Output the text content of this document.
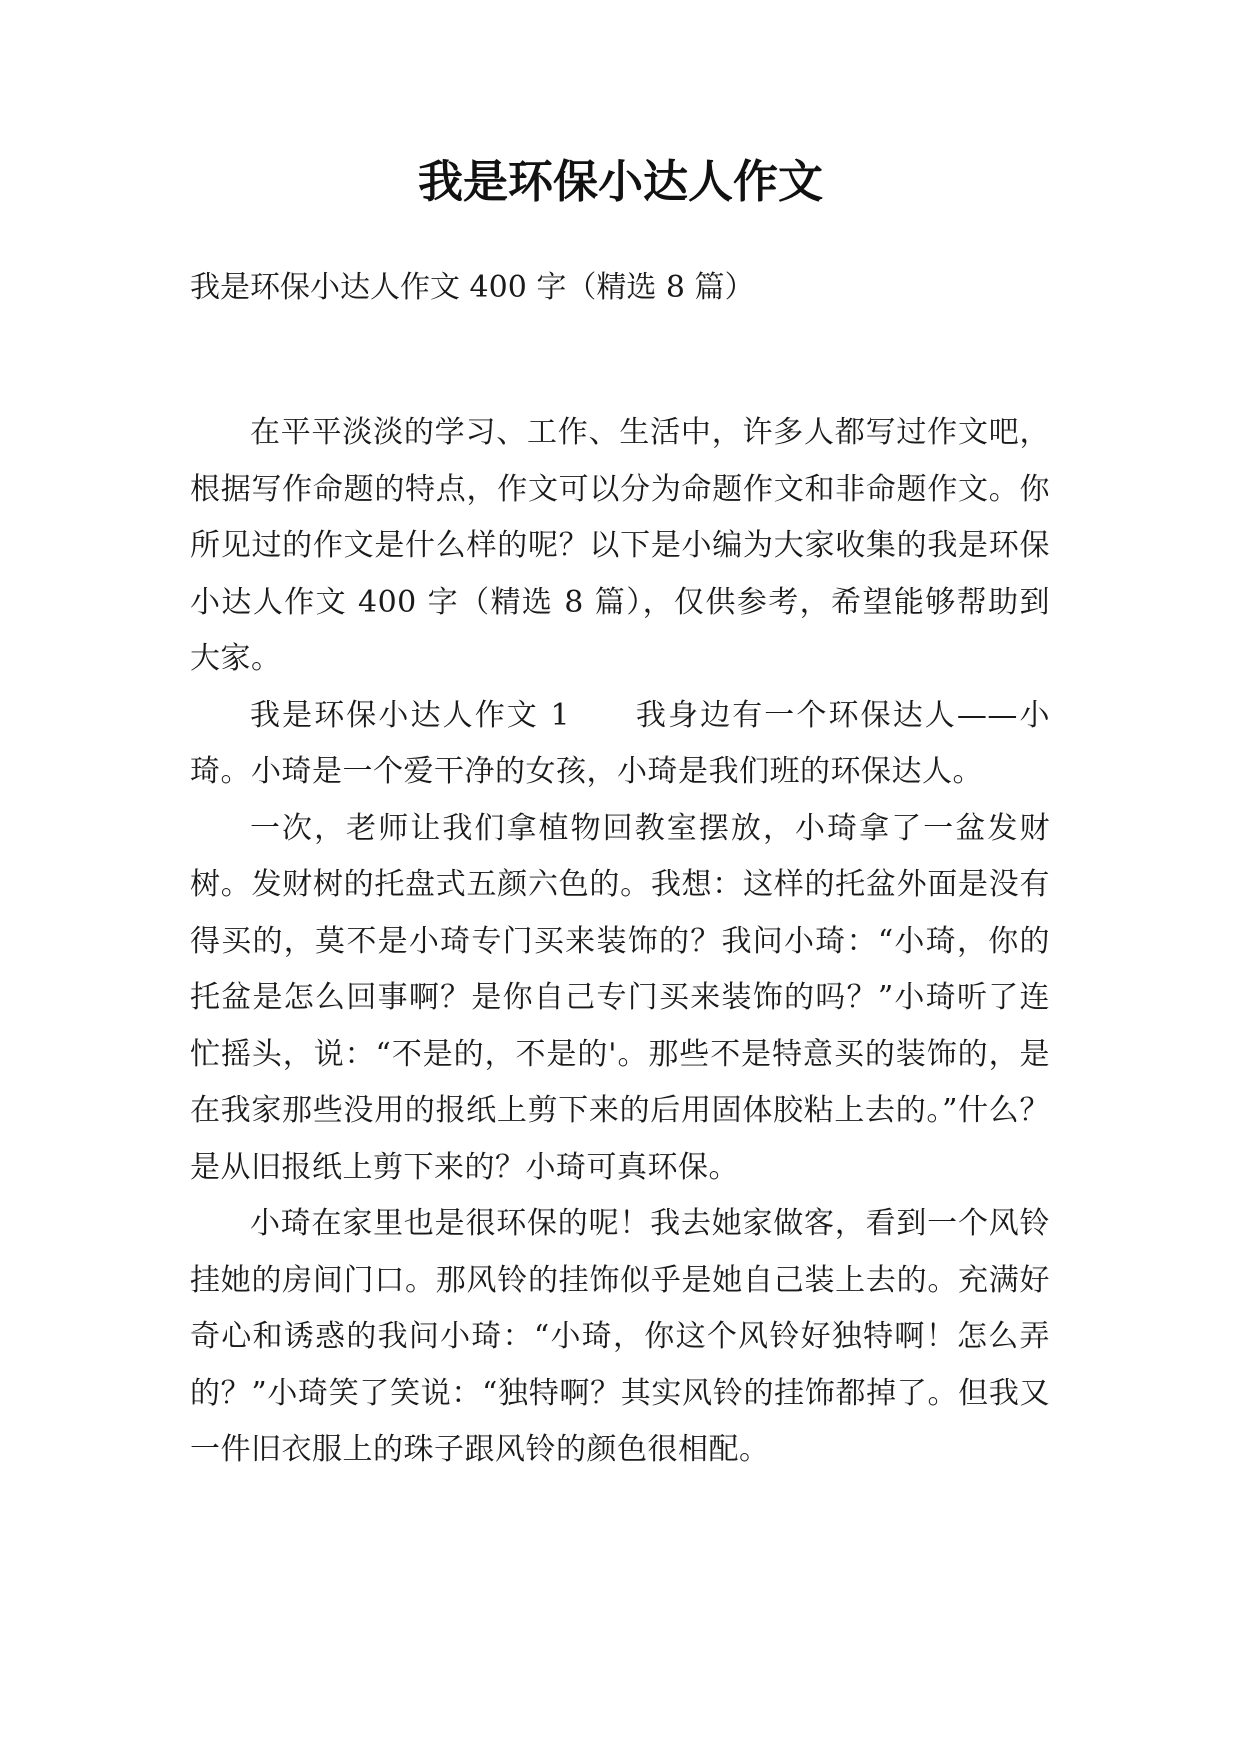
我是环保小达人作文

我是环保小达人作文 400 字（精选 8 篇）

在平平淡淡的学习、工作、生活中，许多人都写过作文吧，根据写作命题的特点，作文可以分为命题作文和非命题作文。你所见过的作文是什么样的呢？以下是小编为大家收集的我是环保小达人作文 400 字（精选 8 篇），仅供参考，希望能够帮助到大家。

我是环保小达人作文 1　　我身边有一个环保达人——小琦。小琦是一个爱干净的女孩，小琦是我们班的环保达人。

一次，老师让我们拿植物回教室摆放，小琦拿了一盆发财树。发财树的托盘式五颜六色的。我想：这样的托盆外面是没有得买的，莫不是小琦专门买来装饰的？我问小琦：“小琦，你的托盆是怎么回事啊？是你自己专门买来装饰的吗？”小琦听了连忙摇头，说：“不是的，不是的'。那些不是特意买的装饰的，是在我家那些没用的报纸上剪下来的后用固体胶粘上去的。”什么？是从旧报纸上剪下来的？小琦可真环保。

小琦在家里也是很环保的呢！我去她家做客，看到一个风铃挂她的房间门口。那风铃的挂饰似乎是她自己装上去的。充满好奇心和诱惑的我问小琦：“小琦，你这个风铃好独特啊！怎么弄的？”小琦笑了笑说：“独特啊？其实风铃的挂饰都掉了。但我又一件旧衣服上的珠子跟风铃的颜色很相配。
